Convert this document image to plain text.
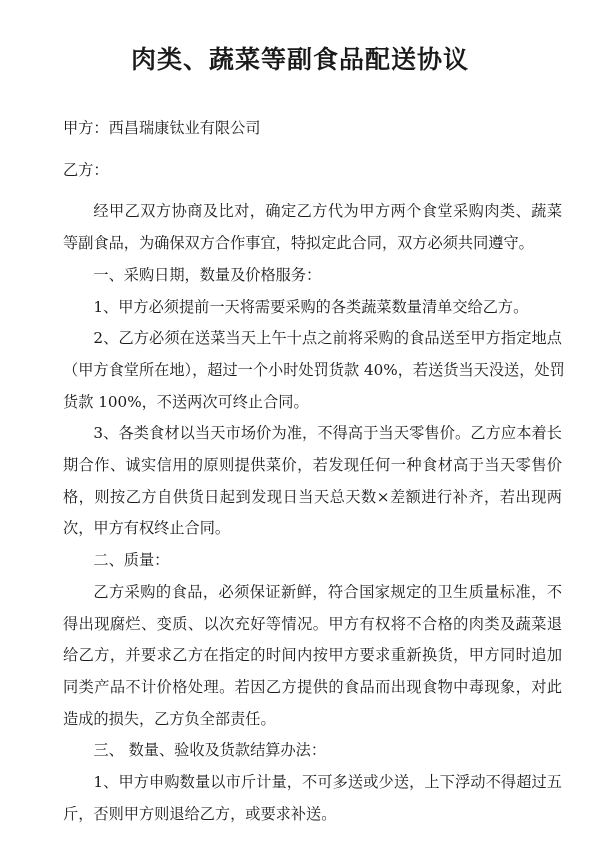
肉类、蔬菜等副食品配送协议

甲方：西昌瑞康钛业有限公司

乙方：

经甲乙双方协商及比对，确定乙方代为甲方两个食堂采购肉类、蔬菜

等副食品，为确保双方合作事宜，特拟定此合同，双方必须共同遵守。

一、采购日期，数量及价格服务：

1、甲方必须提前一天将需要采购的各类蔬菜数量清单交给乙方。

2、乙方必须在送菜当天上午十点之前将采购的食品送至甲方指定地点

（甲方食堂所在地），超过一个小时处罚货款 40%，若送货当天没送，处罚

货款 100%，不送两次可终止合同。

3、各类食材以当天市场价为准，不得高于当天零售价。乙方应本着长

期合作、诚实信用的原则提供菜价，若发现任何一种食材高于当天零售价

格，则按乙方自供货日起到发现日当天总天数×差额进行补齐，若出现两

次，甲方有权终止合同。

二、质量：

乙方采购的食品，必须保证新鲜，符合国家规定的卫生质量标准，不

得出现腐烂、变质、以次充好等情况。甲方有权将不合格的肉类及蔬菜退

给乙方，并要求乙方在指定的时间内按甲方要求重新换货，甲方同时追加

同类产品不计价格处理。若因乙方提供的食品而出现食物中毒现象，对此

造成的损失，乙方负全部责任。

三、 数量、验收及货款结算办法：

1、甲方申购数量以市斤计量，不可多送或少送，上下浮动不得超过五

斤，否则甲方则退给乙方，或要求补送。
